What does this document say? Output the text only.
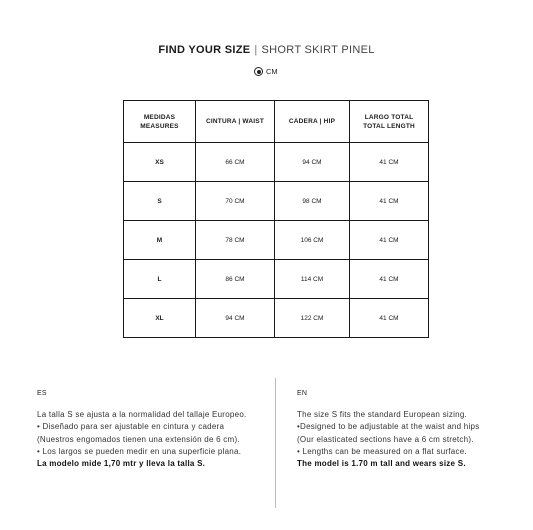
FIND YOUR SIZE | SHORT SKIRT PINEL
CM
MEDIDAS
MEASURES	CINTURA | WAIST	CADERA | HIP	LARGO TOTAL
TOTAL LENGTH
XS	66 CM	94 CM	41 CM
S	70 CM	98 CM	41 CM
M	78 CM	106 CM	41 CM
L	86 CM	114 CM	41 CM
XL	94 CM	122 CM	41 CM
ES

La talla S se ajusta a la normalidad del tallaje Europeo.

• Diseñado para ser ajustable en cintura y cadera

(Nuestros engomados tienen una extensión de 6 cm).

• Los largos se pueden medir en una superficie plana.

La modelo mide 1,70 mtr y lleva la talla S.

EN

The size S fits the standard European sizing.

•Designed to be adjustable at the waist and hips

(Our elasticated sections have a 6 cm stretch).

• Lengths can be measured on a flat surface.

The model is 1.70 m tall and wears size S.
